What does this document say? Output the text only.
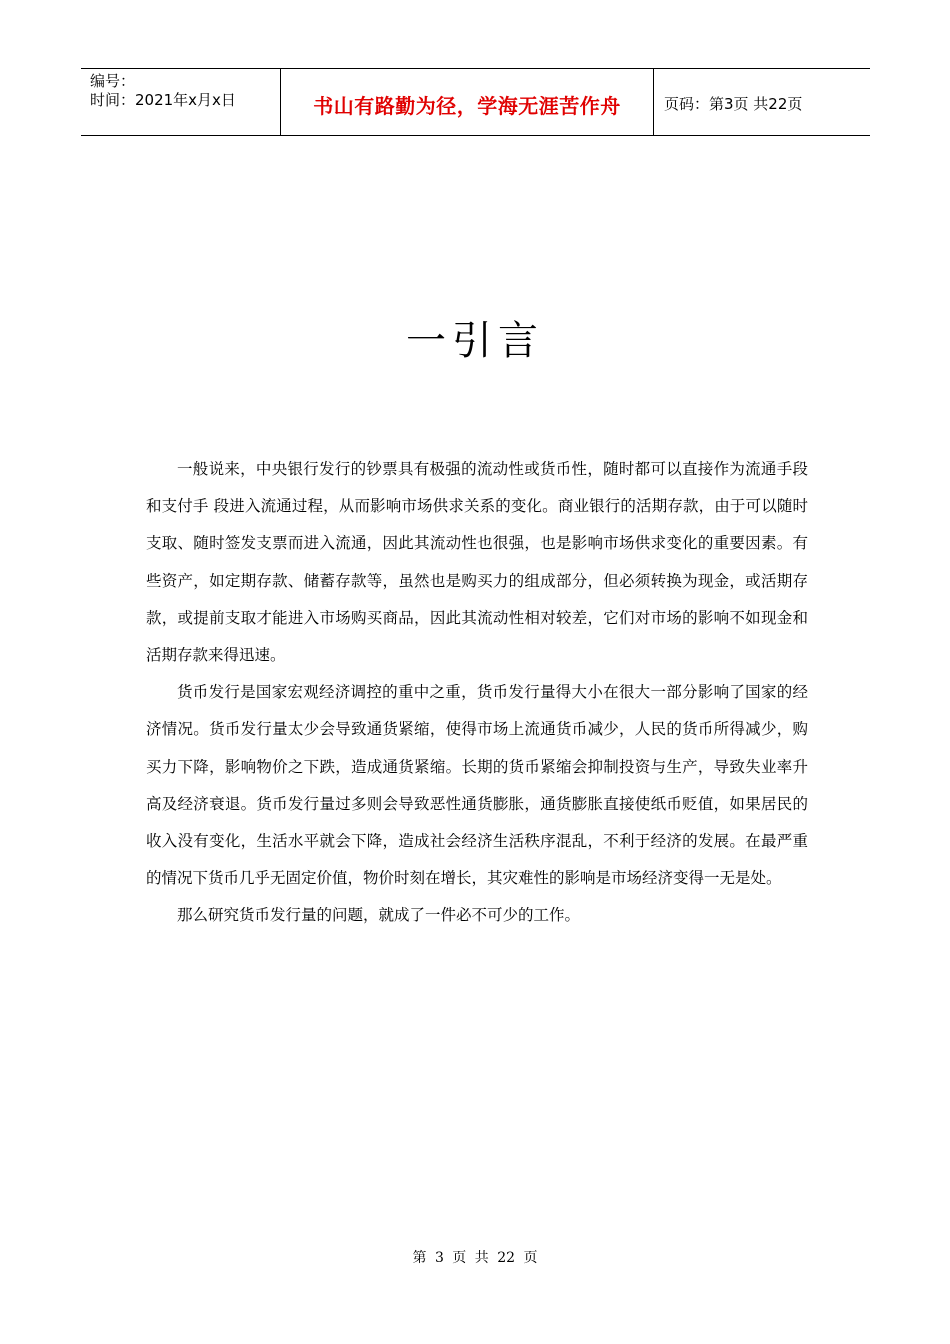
编号：
时间：2021年x月x日	书山有路勤为径，学海无涯苦作舟	页码：第3页 共22页
一引言

一般说来，中央银行发行的钞票具有极强的流动性或货币性，随时都可以直接作为流通手段和支付手 段进入流通过程，从而影响市场供求关系的变化。商业银行的活期存款，由于可以随时支取、随时签发支票而进入流通，因此其流动性也很强，也是影响市场供求变化的重要因素。有些资产，如定期存款、储蓄存款等，虽然也是购买力的组成部分，但必须转换为现金，或活期存款，或提前支取才能进入市场购买商品，因此其流动性相对较差，它们对市场的影响不如现金和活期存款来得迅速。

货币发行是国家宏观经济调控的重中之重，货币发行量得大小在很大一部分影响了国家的经济情况。货币发行量太少会导致通货紧缩，使得市场上流通货币减少，人民的货币所得减少，购买力下降，影响物价之下跌，造成通货紧缩。长期的货币紧缩会抑制投资与生产，导致失业率升高及经济衰退。货币发行量过多则会导致恶性通货膨胀，通货膨胀直接使纸币贬值，如果居民的收入没有变化，生活水平就会下降，造成社会经济生活秩序混乱，不利于经济的发展。在最严重的情况下货币几乎无固定价值，物价时刻在增长，其灾难性的影响是市场经济变得一无是处。

那么研究货币发行量的问题，就成了一件必不可少的工作。

第 3 页 共 22 页
